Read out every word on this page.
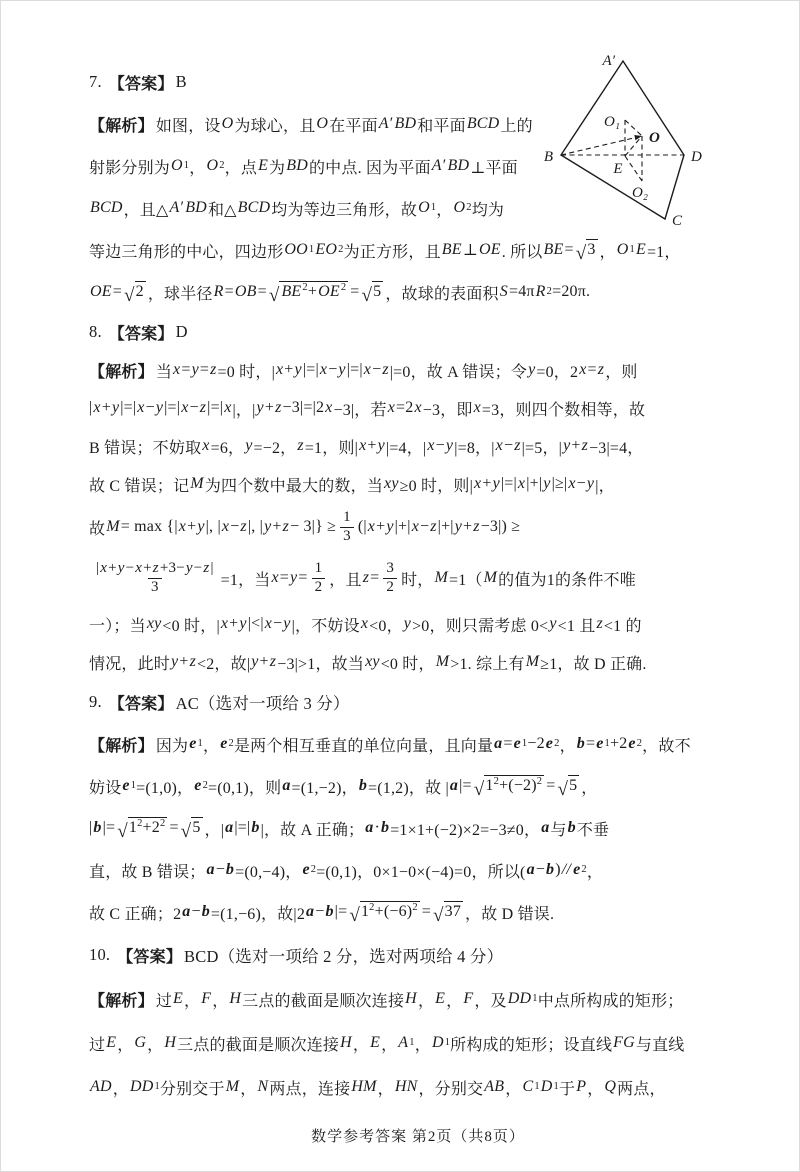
A′
B	D
C
O₁
O
E
O₂
7. 【答案】 B
【解析】 如图，设 O 为球心，且 O 在平面 A ′ BD 和平面 BCD 上的
射影分别为 O 1 ， O 2 ，点 E 为 BD 的中点. 因为平面 A ′ BD ⊥平面
BCD ，且△ A ′ BD 和△ BCD 均为等边三角形，故 O 1 ， O 2 均为
等边三角形的中心，四边形 OO 1 EO 2 为正方形，且 BE ⊥ OE . 所以 BE = √ 3 ， O 1 E =1，
OE = √ 2 ，球半径 R = OB = √ $BE^2+OE^2$ = √ 5 ，故球的表面积 S =4π R 2 =20π.
8. 【答案】 D
【解析】 当 x = y = z =0 时，| x + y |=| x − y |=| x − z |=0，故 A 错误；令 y =0，2 x = z ，则
| x + y |=| x − y |=| x − z |=| x |，| y + z −3|=|2 x −3|，若 x =2 x −3，即 x =3，则四个数相等，故
B 错误；不妨取 x =6， y =−2， z =1，则| x + y |=4，| x − y |=8，| x − z |=5，| y + z −3|=4，
故 C 错误；记 M 为四个数中最大的数，当 xy ≥0 时，则| x + y |=| x |+| y |≥| x − y |，
故 M = max {| x + y |, | x − z |, | y + z − 3|} ≥
1
3
(| x + y |+| x − z |+| y + z −3|) ≥
|x+y−x+z+3−y−z|
3	=1，当 x = y =
1
2 ，且 z =
3
2 时， M =1（ M 的值为1的条件不唯
一）；当 xy <0 时，| x + y |<| x − y |，不妨设 x <0， y >0，则只需考虑 0< y <1 且 z <1 的
情况，此时 y + z <2，故| y + z −3|>1，故当 xy <0 时， M >1. 综上有 M ≥1，故 D 正确.
9. 【答案】 AC（选对一项给 3 分）
【解析】 因为 e 1 ， e 2 是两个相互垂直的单位向量，且向量 a = e 1 −2 e 2 ， b = e 1 +2 e 2 ，故不
妨设 e 1 =(1,0)， e 2 =(0,1)，则 a =(1,−2)， b =(1,2)，故 | a |= √ $1^2+(-2)^2$ = √ 5 ，
| b |= √ $1^2+2^2$ = √ 5 ，| a |=| b |，故 A 正确； a · b =1×1+(−2)×2=−3≠0， a 与 b 不垂
直，故 B 错误； a − b =(0,−4)， e 2 =(0,1)，0×1−0×(−4)=0，所以( a − b ) // e 2 ，
故 C 正确；2 a − b =(1,−6)，故|2 a − b |= √ $1^2+(-6)^2$ = √ 37 ，故 D 错误.
10. 【答案】 BCD（选对一项给 2 分，选对两项给 4 分）
【解析】 过 E ， F ， H 三点的截面是顺次连接 H ， E ， F ，及 DD 1 中点所构成的矩形；
过 E ， G ， H 三点的截面是顺次连接 H ， E ， A 1 ， D 1 所构成的矩形；设直线 FG 与直线
AD ， DD 1 分别交于 M ， N 两点，连接 HM ， HN ，分别交 AB ， C 1 D 1 于 P ， Q 两点，
数学参考答案 第2页（共8页）
